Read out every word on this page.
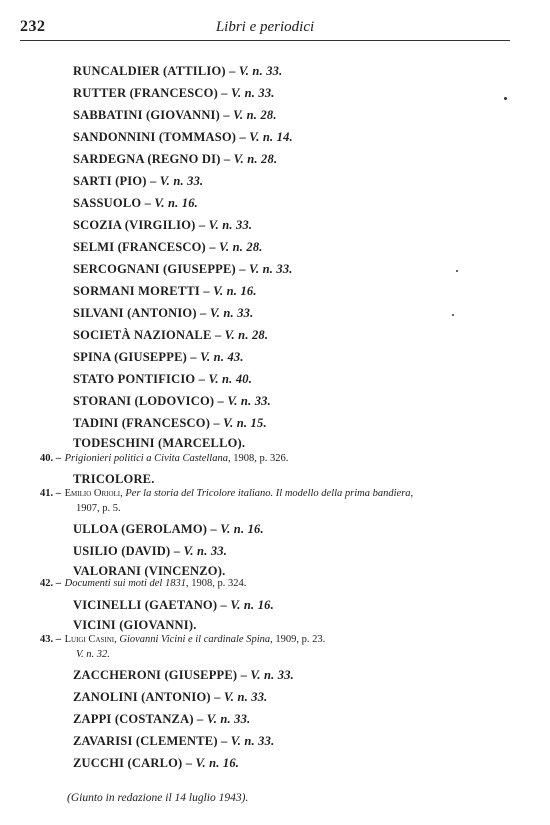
232	Libri e periodici
RUNCALDIER (ATTILIO) – V. n. 33.
RUTTER (FRANCESCO) – V. n. 33.
SABBATINI (GIOVANNI) – V. n. 28.
SANDONNINI (TOMMASO) – V. n. 14.
SARDEGNA (REGNO DI) – V. n. 28.
SARTI (PIO) – V. n. 33.
SASSUOLO – V. n. 16.
SCOZIA (VIRGILIO) – V. n. 33.
SELMI (FRANCESCO) – V. n. 28.
SERCOGNANI (GIUSEPPE) – V. n. 33.
SORMANI MORETTI – V. n. 16.
SILVANI (ANTONIO) – V. n. 33.
SOCIETÀ NAZIONALE – V. n. 28.
SPINA (GIUSEPPE) – V. n. 43.
STATO PONTIFICIO – V. n. 40.
STORANI (LODOVICO) – V. n. 33.
TADINI (FRANCESCO) – V. n. 15.
TODESCHINI (MARCELLO).
40. – Prigionieri politici a Civita Castellana, 1908, p. 326.
TRICOLORE.
41. – Emilio Orioli, Per la storia del Tricolore italiano. Il modello della prima bandiera,
1907, p. 5.
ULLOA (GEROLAMO) – V. n. 16.
USILIO (DAVID) – V. n. 33.
VALORANI (VINCENZO).
42. – Documenti sui moti del 1831, 1908, p. 324.
VICINELLI (GAETANO) – V. n. 16.
VICINI (GIOVANNI).
43. – Luigi Casini, Giovanni Vicini e il cardinale Spina, 1909, p. 23.
V. n. 32.
ZACCHERONI (GIUSEPPE) – V. n. 33.
ZANOLINI (ANTONIO) – V. n. 33.
ZAPPI (COSTANZA) – V. n. 33.
ZAVARISI (CLEMENTE) – V. n. 33.
ZUCCHI (CARLO) – V. n. 16.
(Giunto in redazione il 14 luglio 1943).
